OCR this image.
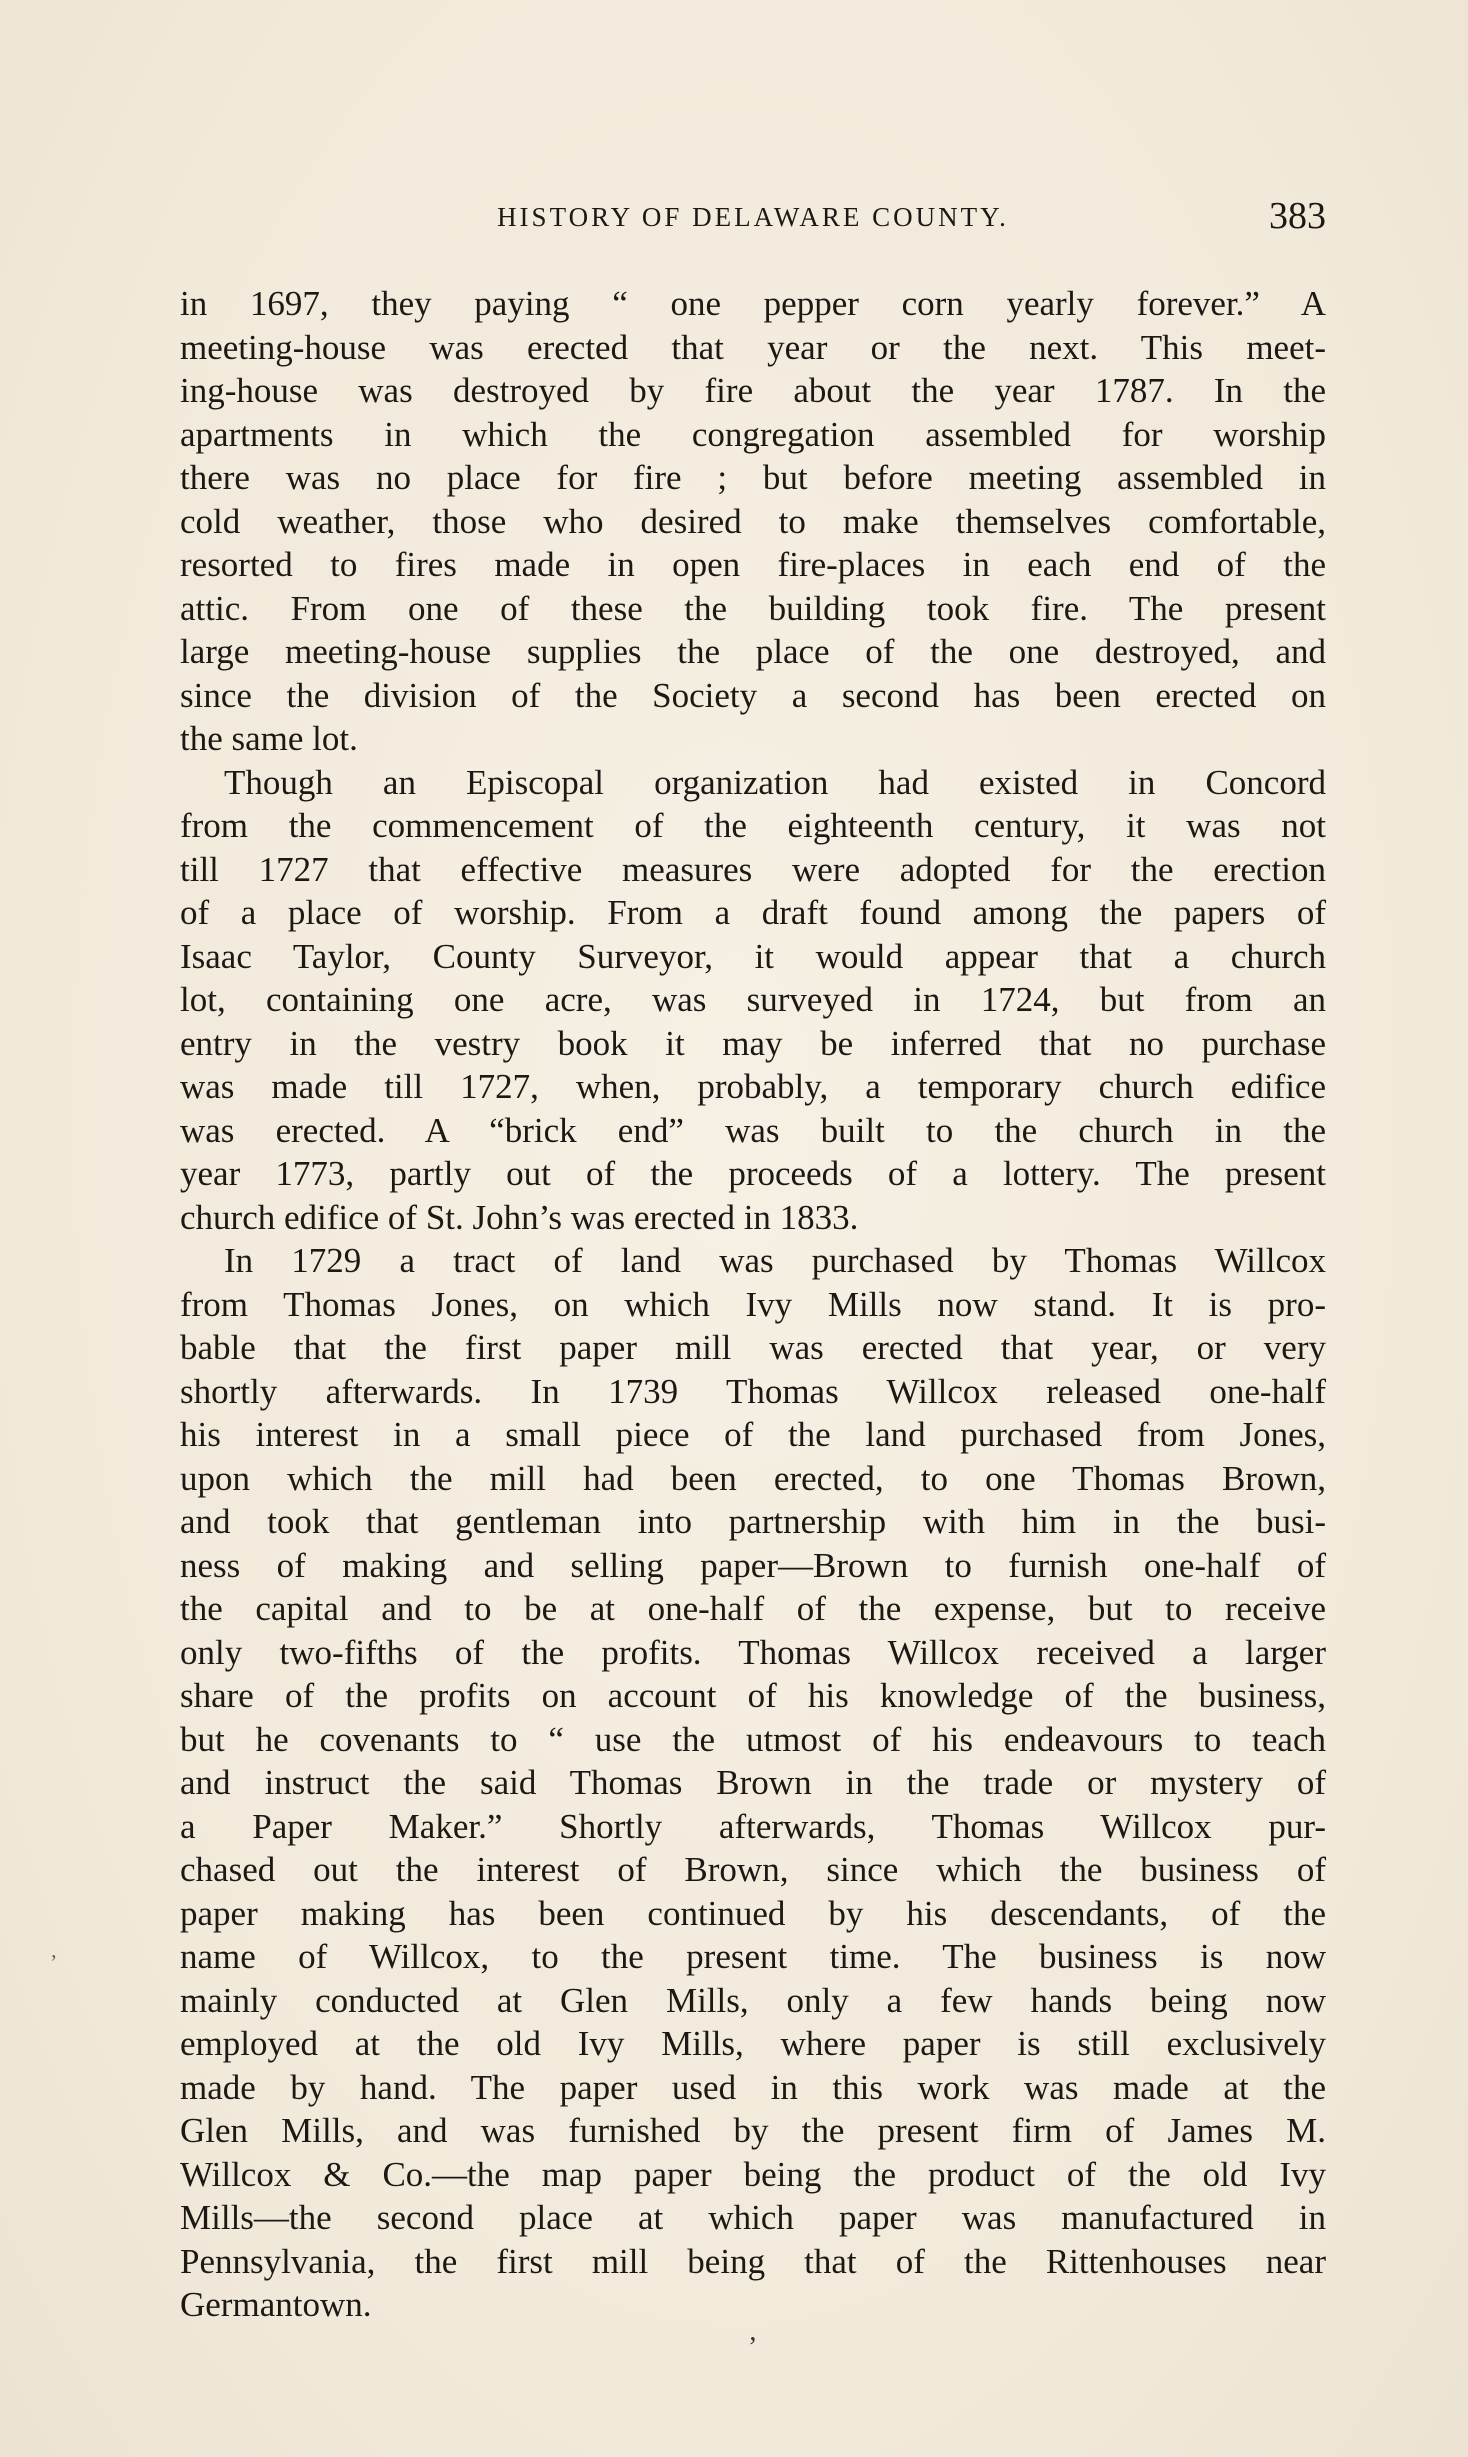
HISTORY OF DELAWARE COUNTY.	383
in 1697, they paying “ one pepper corn yearly forever.” A
meeting-house was erected that year or the next. This meet-
ing-house was destroyed by fire about the year 1787. In the
apartments in which the congregation assembled for worship
there was no place for fire ; but before meeting assembled in
cold weather, those who desired to make themselves comfortable,
resorted to fires made in open fire-places in each end of the
attic. From one of these the building took fire. The present
large meeting-house supplies the place of the one destroyed, and
since the division of the Society a second has been erected on
the same lot.
Though an Episcopal organization had existed in Concord
from the commencement of the eighteenth century, it was not
till 1727 that effective measures were adopted for the erection
of a place of worship. From a draft found among the papers of
Isaac Taylor, County Surveyor, it would appear that a church
lot, containing one acre, was surveyed in 1724, but from an
entry in the vestry book it may be inferred that no purchase
was made till 1727, when, probably, a temporary church edifice
was erected. A “brick end” was built to the church in the
year 1773, partly out of the proceeds of a lottery. The present
church edifice of St. John’s was erected in 1833.
In 1729 a tract of land was purchased by Thomas Willcox
from Thomas Jones, on which Ivy Mills now stand. It is pro-
bable that the first paper mill was erected that year, or very
shortly afterwards. In 1739 Thomas Willcox released one-half
his interest in a small piece of the land purchased from Jones,
upon which the mill had been erected, to one Thomas Brown,
and took that gentleman into partnership with him in the busi-
ness of making and selling paper—Brown to furnish one-half of
the capital and to be at one-half of the expense, but to receive
only two-fifths of the profits. Thomas Willcox received a larger
share of the profits on account of his knowledge of the business,
but he covenants to “ use the utmost of his endeavours to teach
and instruct the said Thomas Brown in the trade or mystery of
a Paper Maker.” Shortly afterwards, Thomas Willcox pur-
chased out the interest of Brown, since which the business of
paper making has been continued by his descendants, of the
name of Willcox, to the present time. The business is now
mainly conducted at Glen Mills, only a few hands being now
employed at the old Ivy Mills, where paper is still exclusively
made by hand. The paper used in this work was made at the
Glen Mills, and was furnished by the present firm of James M.
Willcox & Co.—the map paper being the product of the old Ivy
Mills—the second place at which paper was manufactured in
Pennsylvania, the first mill being that of the Rittenhouses near
Germantown.
’
ʼ
